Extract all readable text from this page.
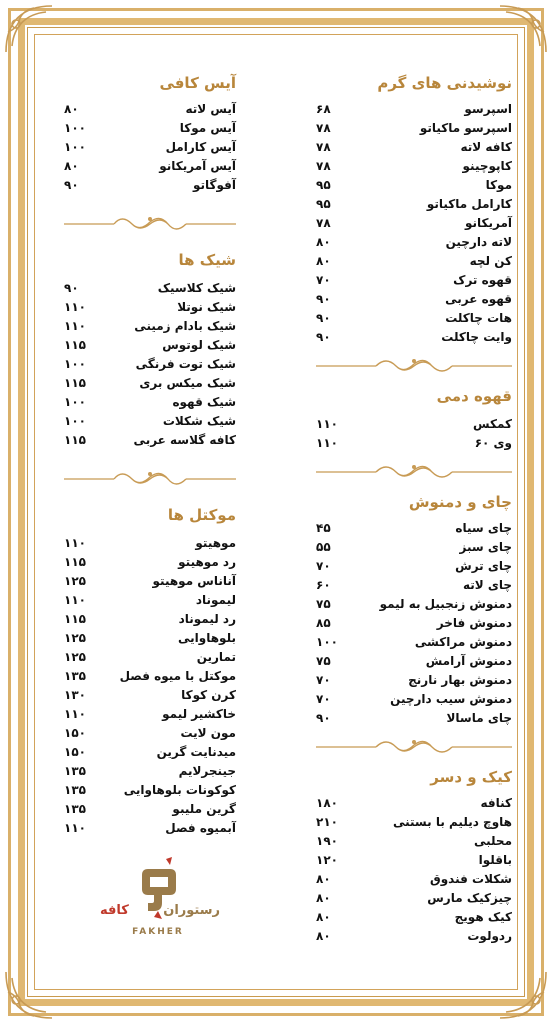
نوشیدنی های گرم
اسپرسو
۶۸
اسپرسو ماکیاتو
۷۸
کافه لاته
۷۸
کاپوچینو
۷۸
موکا
۹۵
کارامل ماکیاتو
۹۵
آمریکانو
۷۸
لاته دارچین
۸۰
کن لچه
۸۰
قهوه ترک
۷۰
قهوه عربی
۹۰
هات چاکلت
۹۰
وایت چاکلت
۹۰
قهوه دمی
کمکس
۱۱۰
وی ۶۰
۱۱۰
چای و دمنوش
چای سیاه
۴۵
چای سبز
۵۵
چای ترش
۷۰
چای لاته
۶۰
دمنوش زنجبیل به لیمو
۷۵
دمنوش فاخر
۸۵
دمنوش مراکشی
۱۰۰
دمنوش آرامش
۷۵
دمنوش بهار نارنج
۷۰
دمنوش سیب دارچین
۷۰
چای ماسالا
۹۰
کیک و دسر
کنافه
۱۸۰
هاوچ دیلیم با بستنی
۲۱۰
محلبی
۱۹۰
باقلوا
۱۲۰
شکلات فندوق
۸۰
چیزکیک مارس
۸۰
کیک هویج
۸۰
ردولوت
۸۰
آیس کافی
آیس لاته
۸۰
آیس موکا
۱۰۰
آیس کارامل
۱۰۰
آیس آمریکانو
۸۰
آفوگاتو
۹۰
شیک ها
شیک کلاسیک
۹۰
شیک نوتلا
۱۱۰
شیک بادام زمینی
۱۱۰
شیک لوتوس
۱۱۵
شیک توت فرنگی
۱۰۰
شیک میکس بری
۱۱۵
شیک قهوه
۱۰۰
شیک شکلات
۱۰۰
کافه گلاسه عربی
۱۱۵
موکتل ها
موهیتو
۱۱۰
رد موهیتو
۱۱۵
آناناس موهیتو
۱۲۵
لیموناد
۱۱۰
رد لیموناد
۱۱۵
بلوهاوایی
۱۲۵
تمارین
۱۲۵
موکتل با میوه فصل
۱۳۵
کرن کوکا
۱۳۰
خاکشیر لیمو
۱۱۰
مون لایت
۱۵۰
میدنایت گرین
۱۵۰
جینجرلایم
۱۳۵
کوکونات بلوهاوایی
۱۳۵
گرین ملیبو
۱۳۵
آبمیوه فصل
۱۱۰
کافه	رستوران
FAKHER
